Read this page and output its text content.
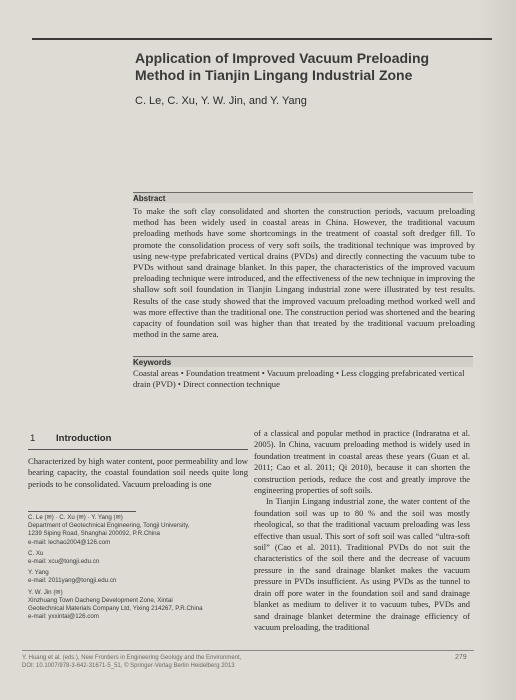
Application of Improved Vacuum Preloading
Method in Tianjin Lingang Industrial Zone
C. Le, C. Xu, Y. W. Jin, and Y. Yang
Abstract
To make the soft clay consolidated and shorten the construction periods, vacuum preloading method has been widely used in coastal areas in China. However, the traditional vacuum preloading methods have some shortcomings in the treatment of coastal soft dredger fill. To promote the consolidation process of very soft soils, the traditional technique was improved by using new-type prefabricated vertical drains (PVDs) and directly connecting the vacuum tube to PVDs without sand drainage blanket. In this paper, the characteristics of the improved vacuum preloading technique were introduced, and the effectiveness of the new technique in improving the shallow soft soil foundation in Tianjin Lingang industrial zone were illustrated by test results. Results of the case study showed that the improved vacuum preloading method worked well and was more effective than the traditional one. The construction period was shortened and the bearing capacity of foundation soil was higher than that treated by the traditional vacuum preloading method in the same area.
Keywords
Coastal areas • Foundation treatment • Vacuum preloading • Less clogging prefabricated vertical drain (PVD) • Direct connection technique
1 Introduction
Characterized by high water content, poor permeability and low bearing capacity, the coastal foundation soil needs quite long periods to be consolidated. Vacuum preloading is one

of a classical and popular method in practice (Indraratna et al. 2005). In China, vacuum preloading method is widely used in foundation treatment in coastal areas these years (Guan et al. 2011; Cao et al. 2011; Qi 2010), because it can shorten the construction periods, reduce the cost and greatly improve the engineering properties of soft soils.

In Tianjin Lingang industrial zone, the water content of the foundation soil was up to 80 % and the soil was mostly rheological, so that the traditional vacuum preloading was less effective than usual. This sort of soft soil was called “ultra-soft soil” (Cao et al. 2011). Traditional PVDs do not suit the characteristics of the soil there and the decrease of vacuum pressure in the sand drainage blanket makes the vacuum pressure in PVDs insufficient. As using PVDs as the tunnel to drain off pore water in the foundation soil and sand drainage blanket as medium to deliver it to vacuum tubes, PVDs and sand drainage blanket determine the drainage efficiency of vacuum preloading, the traditional

C. Le (✉) · C. Xu (✉) · Y. Yang (✉)
Department of Geotechnical Engineering, Tongji University,
1239 Siping Road, Shanghai 200092, P.R.China
e-mail: lechao2004@126.com
C. Xu
e-mail: xcu@tongji.edu.cn
Y. Yang
e-mail: 2011yang@tongji.edu.cn
Y. W. Jin (✉)
Xinzhuang Town Dacheng Development Zone, Xintai
Geotechnical Materials Company Ltd, Yixing 214267, P.R.China
e-mail: yxxintai@126.com
Y. Huang et al. (eds.), New Frontiers in Engineering Geology and the Environment,
DOI: 10.1007/978-3-642-31671-5_51, © Springer-Verlag Berlin Heidelberg 2013
279
